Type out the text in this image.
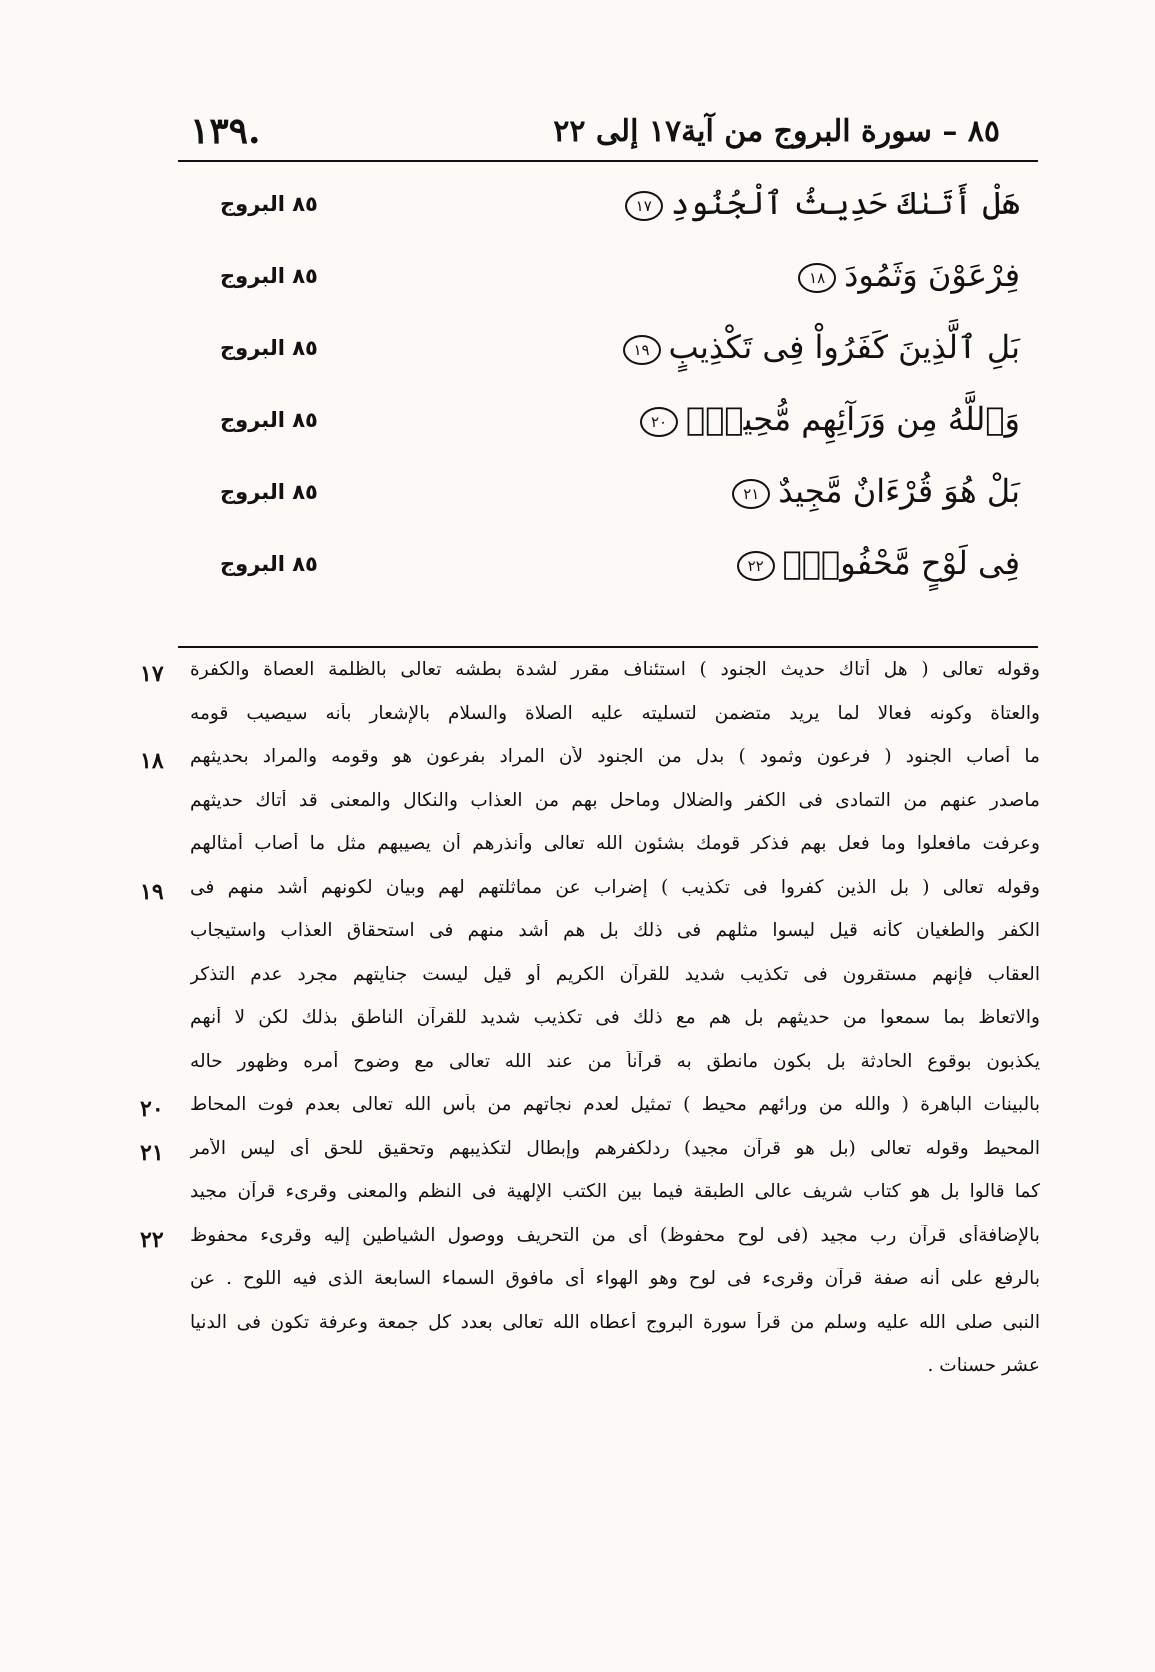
١٣٩.	٨٥ – سورة البروج من آية١٧ إلى ٢٢
هَلْ أَتَىٰكَ حَدِيثُ ٱلْجُنُودِ١٧
٨٥ البروج
فِرْعَوْنَ وَثَمُودَ١٨
٨٥ البروج
بَلِ ٱلَّذِينَ كَفَرُواْ فِى تَكْذِيبٍ١٩
٨٥ البروج
وَٱللَّهُ مِن وَرَآئِهِم مُّحِيطٌۢ٢٠
٨٥ البروج
بَلْ هُوَ قُرْءَانٌ مَّجِيدٌ٢١
٨٥ البروج
فِى لَوْحٍ مَّحْفُوظٍۭ٢٢
٨٥ البروج
١٧ وقوله تعالى ( هل أتاك حديث الجنود ) استئناف مقرر لشدة بطشه تعالى بالظلمة العصاة والكفرة
والعتاة وكونه فعالا لما يريد متضمن لتسليته عليه الصلاة والسلام بالإشعار بأنه سيصيب قومه
١٨ ما أصاب الجنود ( فرعون وثمود ) بدل من الجنود لأن المراد بفرعون هو وقومه والمراد بحديثهم
ماصدر عنهم من التمادى فى الكفر والضلال وماحل بهم من العذاب والنكال والمعنى قد أتاك حديثهم
وعرفت مافعلوا وما فعل بهم فذكر قومك بشئون الله تعالى وأنذرهم أن يصيبهم مثل ما أصاب أمثالهم
١٩ وقوله تعالى ( بل الذين كفروا فى تكذيب ) إضراب عن مماثلتهم لهم وبيان لكونهم أشد منهم فى
الكفر والطغيان كأنه قيل ليسوا مثلهم فى ذلك بل هم أشد منهم فى استحقاق العذاب واستيجاب
العقاب فإنهم مستقرون فى تكذيب شديد للقرآن الكريم أو قيل ليست جنايتهم مجرد عدم التذكر
والاتعاظ بما سمعوا من حديثهم بل هم مع ذلك فى تكذيب شديد للقرآن الناطق بذلك لكن لا أنهم
يكذبون بوقوع الحادثة بل بكون مانطق به قرآناً من عند الله تعالى مع وضوح أمره وظهور حاله
٢٠ بالبينات الباهرة ( والله من ورائهم محيط ) تمثيل لعدم نجاتهم من بأس الله تعالى بعدم فوت المحاط
٢١ المحيط وقوله تعالى (بل هو قرآن مجيد) ردلكفرهم وإبطال لتكذيبهم وتحقيق للحق أى ليس الأمر
كما قالوا بل هو كتاب شريف عالى الطبقة فيما بين الكتب الإلهية فى النظم والمعنى وقرىء قرآن مجيد
٢٢ بالإضافةأى قرآن رب مجيد (فى لوح محفوظ) أى من التحريف ووصول الشياطين إليه وقرىء محفوظ
بالرفع على أنه صفة قرآن وقرىء فى لوح وهو الهواء أى مافوق السماء السابعة الذى فيه اللوح . عن
النبى صلى الله عليه وسلم من قرأ سورة البروج أعطاه الله تعالى بعدد كل جمعة وعرفة تكون فى الدنيا
عشر حسنات .
